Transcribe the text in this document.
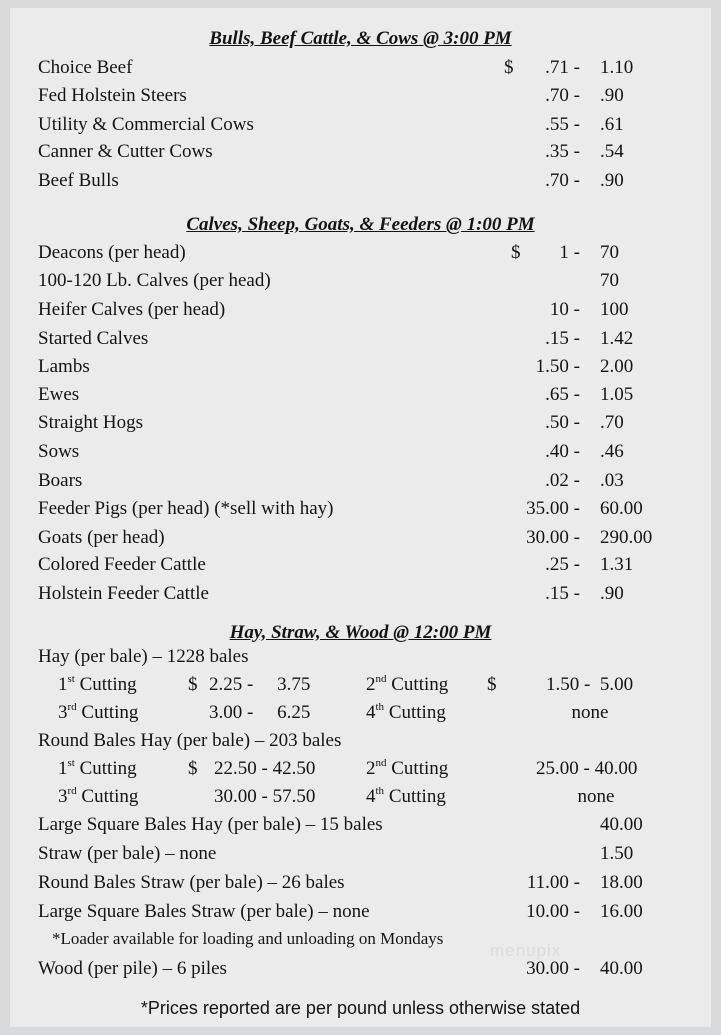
Bulls, Beef Cattle, & Cows @ 3:00 PM
$
Choice Beef	.71 - 1.10
Fed Holstein Steers	.70 - .90
Utility & Commercial Cows	.55 - .61
Canner & Cutter Cows	.35 - .54
Beef Bulls	.70 - .90
Calves, Sheep, Goats, & Feeders @ 1:00 PM
$
Deacons (per head)	1 - 70
100-120 Lb. Calves (per head)	70
Heifer Calves (per head)	10 - 100
Started Calves	.15 - 1.42
Lambs	1.50 - 2.00
Ewes	.65 - 1.05
Straight Hogs	.50 - .70
Sows	.40 - .46
Boars	.02 - .03
Feeder Pigs (per head) (*sell with hay)	35.00 - 60.00
Goats (per head)	30.00 - 290.00
Colored Feeder Cattle	.25 - 1.31
Holstein Feeder Cattle	.15 - .90
Hay, Straw, & Wood @ 12:00 PM
Hay (per bale) – 1228 bales
1st Cutting	$ 2.25 -     3.75	2nd Cutting $	1.50 -  5.00
3rd Cutting	3.00 -     6.25	4th Cutting	none
Round Bales Hay (per bale) – 203 bales
1st Cutting	$ 22.50 - 42.50	2nd Cutting	25.00 - 40.00
3rd Cutting	30.00 - 57.50	4th Cutting	none
Large Square Bales Hay (per bale) – 15 bales	40.00
Straw (per bale) – none	1.50
Round Bales Straw (per bale) – 26 bales	11.00 - 18.00
Large Square Bales Straw (per bale) – none	10.00 - 16.00
*Loader available for loading and unloading on Mondays
menupix
Wood (per pile) – 6 piles	30.00 - 40.00
*Prices reported are per pound unless otherwise stated
